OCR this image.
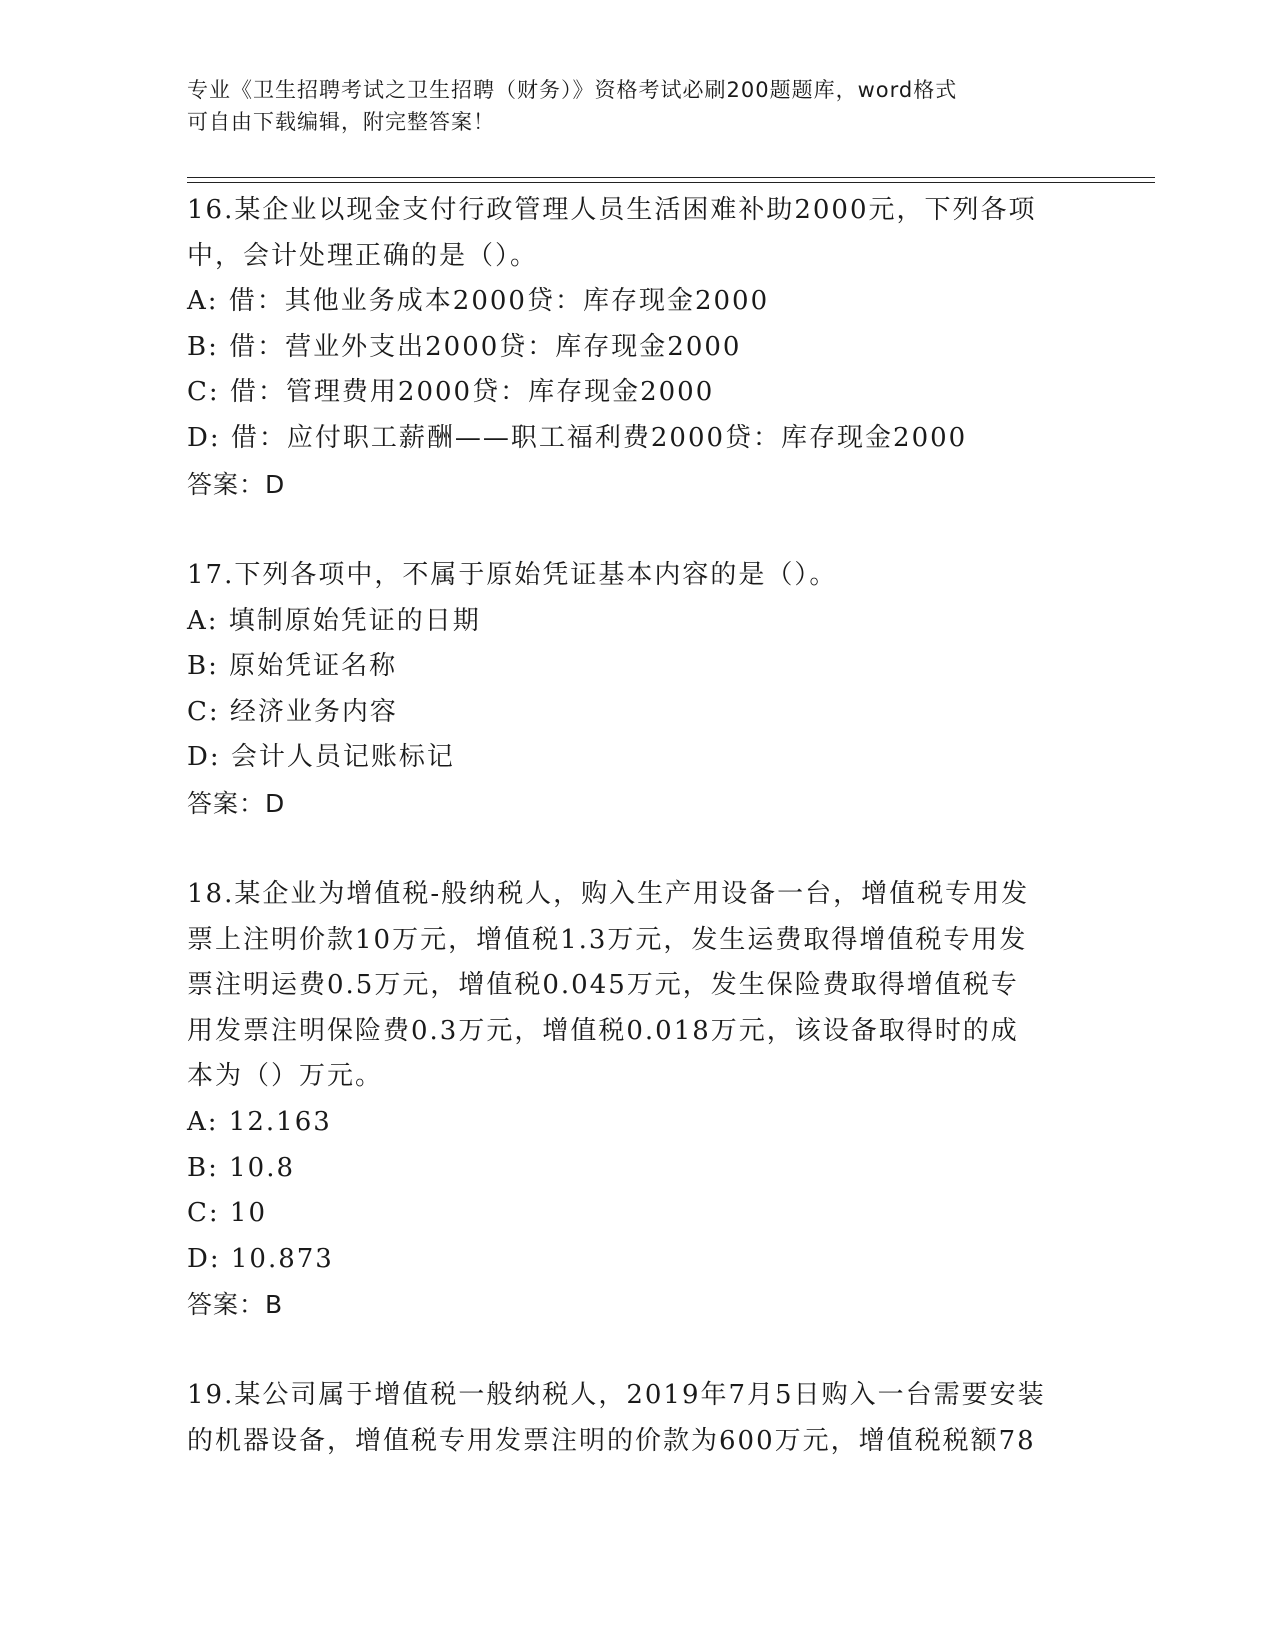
专业《卫生招聘考试之卫生招聘（财务）》资格考试必刷200题题库，word格式

可自由下载编辑，附完整答案！

16.某企业以现金支付行政管理人员生活困难补助2000元，下列各项
中，会计处理正确的是（）。
A: 借：其他业务成本2000贷：库存现金2000
B: 借：营业外支出2000贷：库存现金2000
C: 借：管理费用2000贷：库存现金2000
D: 借：应付职工薪酬——职工福利费2000贷：库存现金2000
答案：D
17.下列各项中，不属于原始凭证基本内容的是（）。
A: 填制原始凭证的日期
B: 原始凭证名称
C: 经济业务内容
D: 会计人员记账标记
答案：D
18.某企业为增值税-般纳税人，购入生产用设备一台，增值税专用发
票上注明价款10万元，增值税1.3万元，发生运费取得增值税专用发
票注明运费0.5万元，增值税0.045万元，发生保险费取得增值税专
用发票注明保险费0.3万元，增值税0.018万元，该设备取得时的成
本为（）万元。
A: 12.163
B: 10.8
C: 10
D: 10.873
答案：B
19.某公司属于增值税一般纳税人，2019年7月5日购入一台需要安装
的机器设备，增值税专用发票注明的价款为600万元，增值税税额78
